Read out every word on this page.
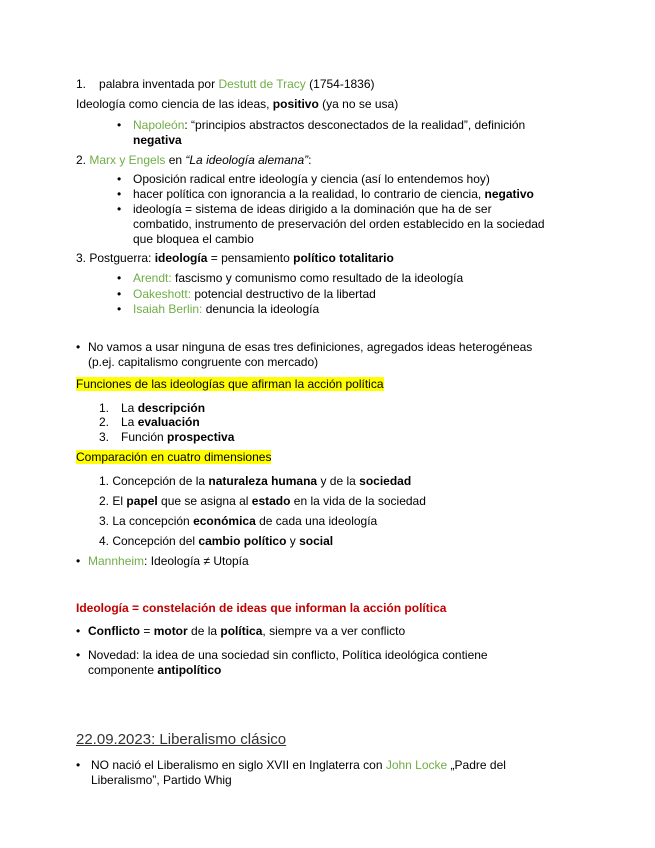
1. palabra inventada por Destutt de Tracy (1754-1836)
Ideología como ciencia de las ideas, positivo (ya no se usa)
• Napoleón: “principios abstractos desconectados de la realidad”, definición
negativa
2. Marx y Engels en “La ideología alemana”:
• Oposición radical entre ideología y ciencia (así lo entendemos hoy)
• hacer política con ignorancia a la realidad, lo contrario de ciencia, negativo
• ideología = sistema de ideas dirigido a la dominación que ha de ser
combatido, instrumento de preservación del orden establecido en la sociedad
que bloquea el cambio
3. Postguerra: ideología = pensamiento político totalitario
• Arendt: fascismo y comunismo como resultado de la ideología
• Oakeshott: potencial destructivo de la libertad
• Isaiah Berlin: denuncia la ideología
• No vamos a usar ninguna de esas tres definiciones, agregados ideas heterogéneas
(p.ej. capitalismo congruente con mercado)
Funciones de las ideologías que afirman la acción política
1. La descripción
2. La evaluación
3. Función prospectiva
Comparación en cuatro dimensiones
1. Concepción de la naturaleza humana y de la sociedad
2. El papel que se asigna al estado en la vida de la sociedad
3. La concepción económica de cada una ideología
4. Concepción del cambio político y social
• Mannheim: Ideología ≠ Utopía
Ideología = constelación de ideas que informan la acción política
• Conflicto = motor de la política, siempre va a ver conflicto
• Novedad: la idea de una sociedad sin conflicto, Política ideológica contiene
componente antipolítico
22.09.2023: Liberalismo clásico
• NO nació el Liberalismo en siglo XVII en Inglaterra con John Locke „Padre del
Liberalismo”, Partido Whig
